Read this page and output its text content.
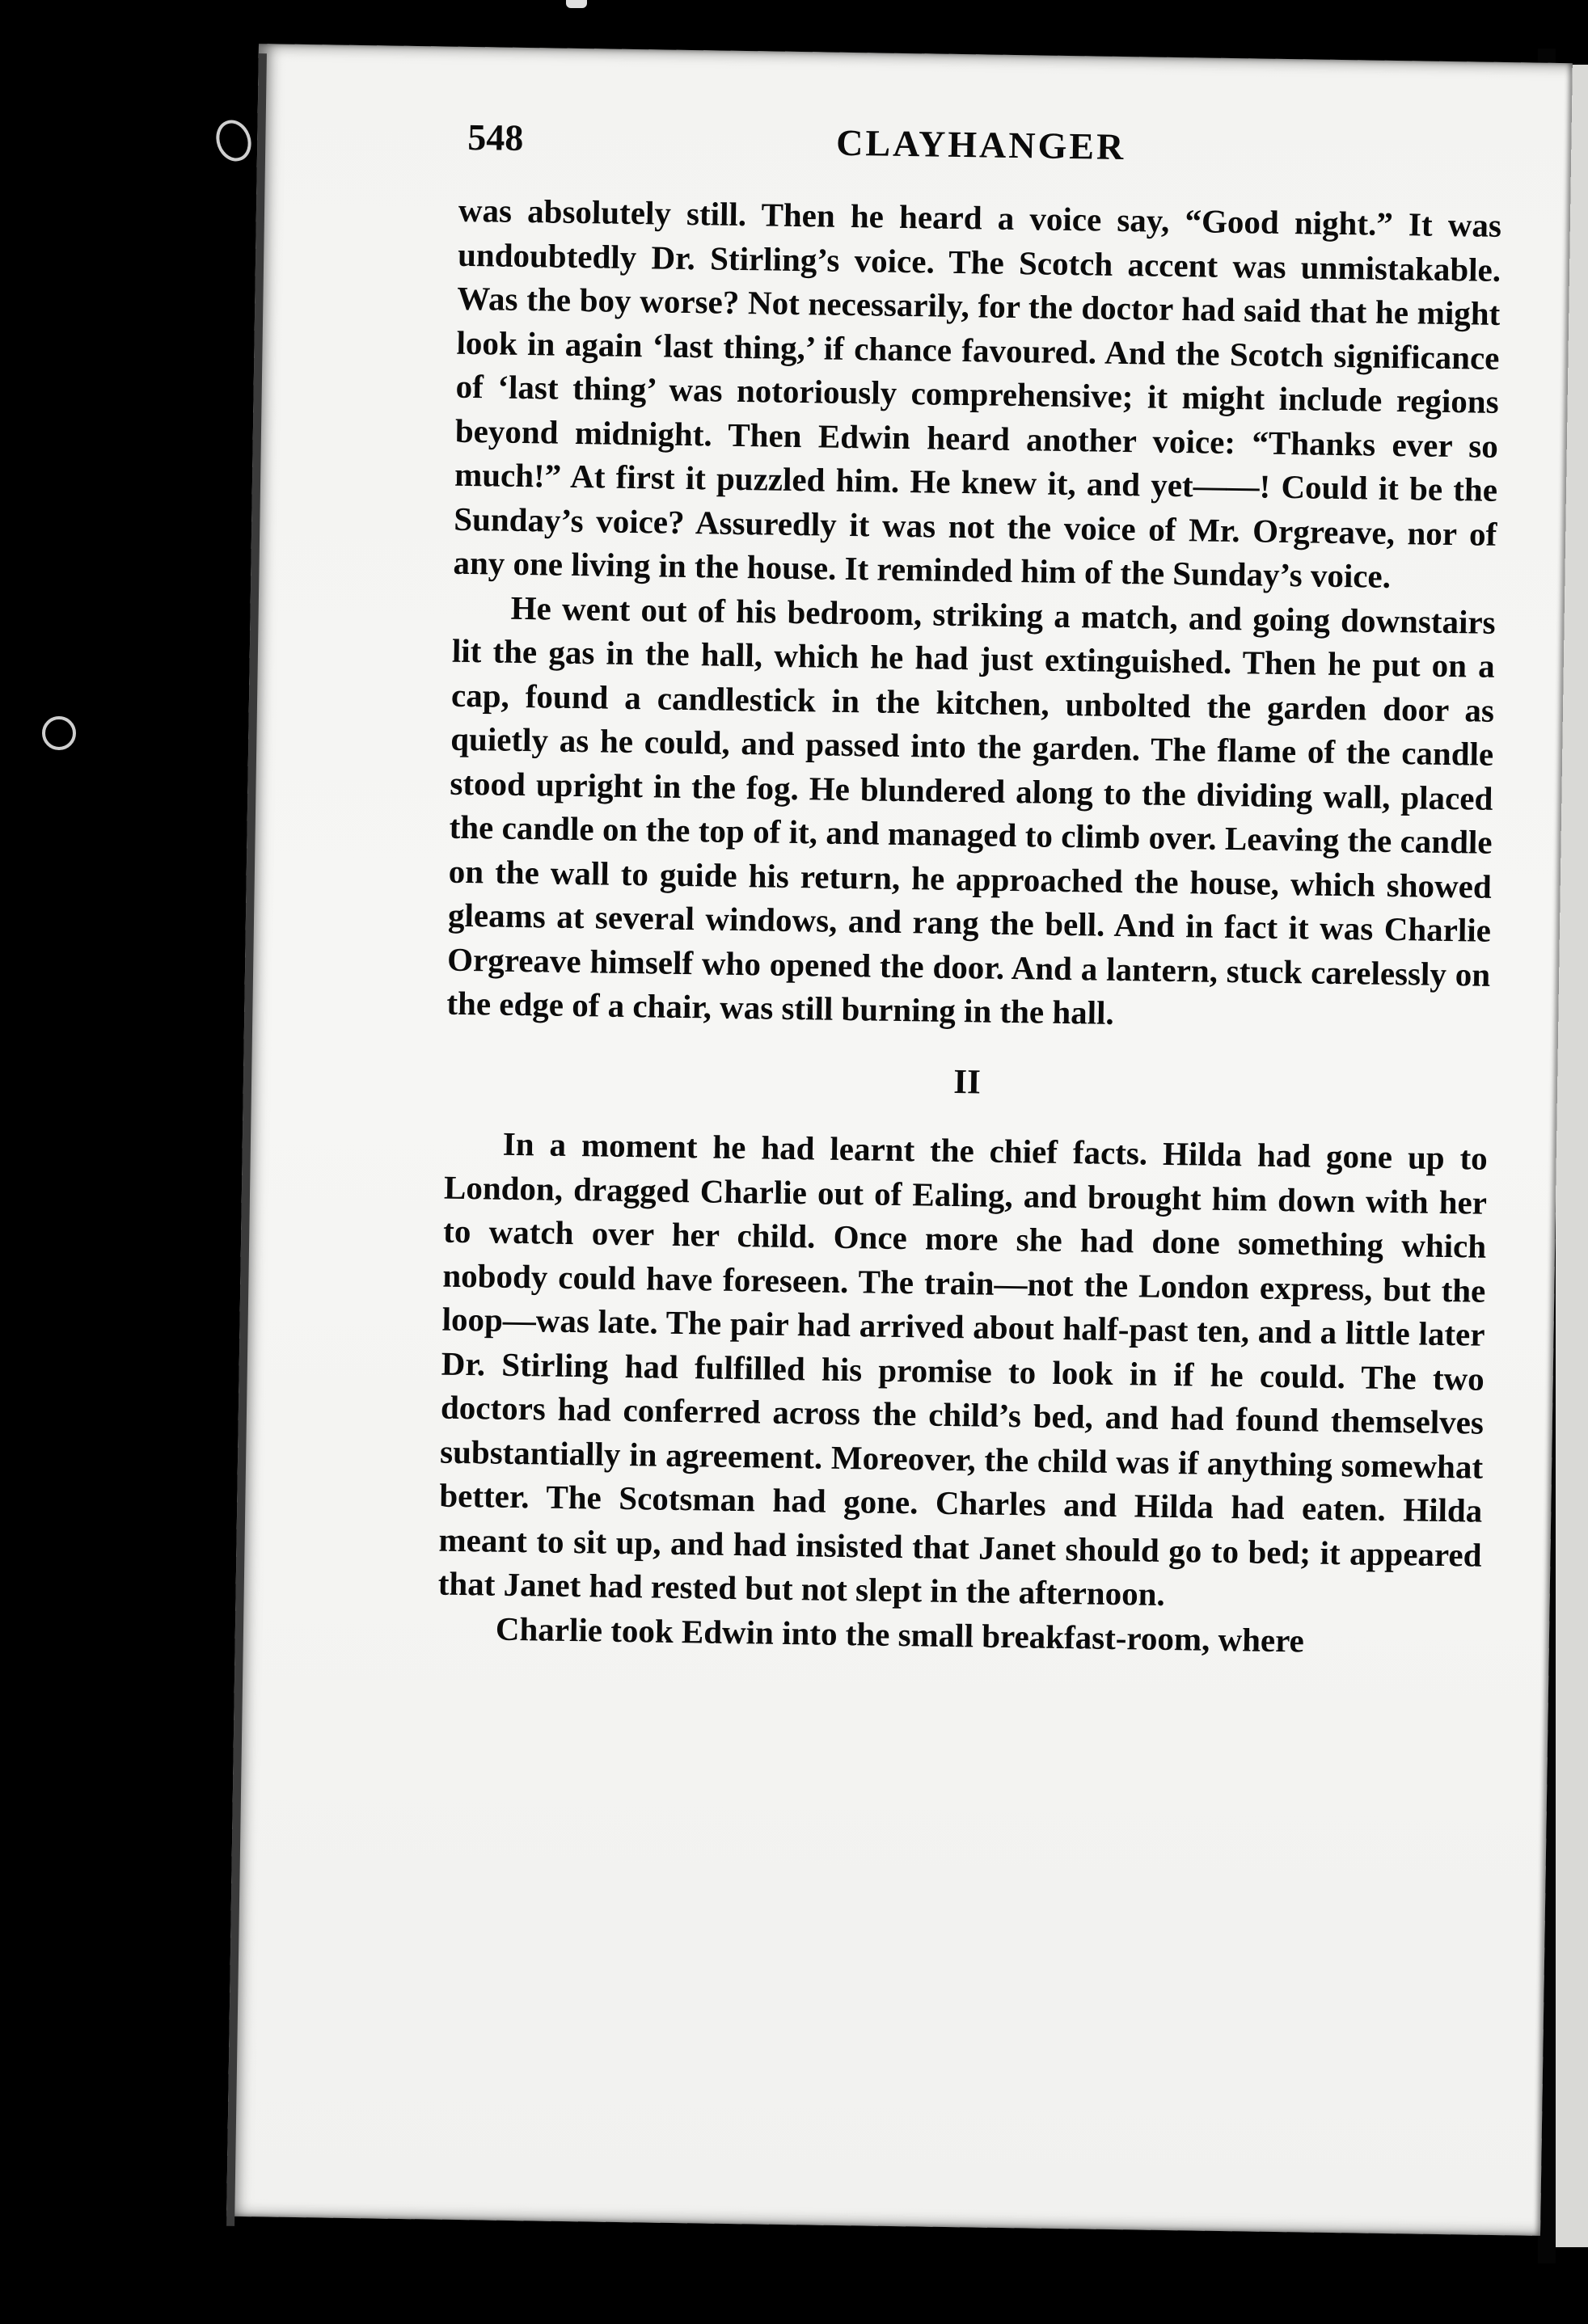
548	CLAYHANGER

was absolutely still. Then he heard a voice say, “Good night.” It was undoubtedly Dr. Stirling’s voice. The Scotch accent was unmistakable. Was the boy worse? Not necessarily, for the doctor had said that he might look in again ‘last thing,’ if chance favoured. And the Scotch significance of ‘last thing’ was notoriously comprehensive; it might include regions beyond midnight. Then Edwin heard another voice: “Thanks ever so much!” At first it puzzled him. He knew it, and yet——! Could it be the Sunday’s voice? Assuredly it was not the voice of Mr. Orgreave, nor of any one living in the house. It reminded him of the Sunday’s voice.

He went out of his bedroom, striking a match, and going downstairs lit the gas in the hall, which he had just extinguished. Then he put on a cap, found a candlestick in the kitchen, unbolted the garden door as quietly as he could, and passed into the garden. The flame of the candle stood upright in the fog. He blundered along to the dividing wall, placed the candle on the top of it, and managed to climb over. Leaving the candle on the wall to guide his return, he approached the house, which showed gleams at several windows, and rang the bell. And in fact it was Charlie Orgreave himself who opened the door. And a lantern, stuck carelessly on the edge of a chair, was still burning in the hall.

II

In a moment he had learnt the chief facts. Hilda had gone up to London, dragged Charlie out of Ealing, and brought him down with her to watch over her child. Once more she had done something which nobody could have foreseen. The train—not the London express, but the loop—was late. The pair had arrived about half-past ten, and a little later Dr. Stirling had fulfilled his promise to look in if he could. The two doctors had conferred across the child’s bed, and had found themselves substantially in agreement. Moreover, the child was if anything somewhat better. The Scotsman had gone. Charles and Hilda had eaten. Hilda meant to sit up, and had insisted that Janet should go to bed; it appeared that Janet had rested but not slept in the afternoon.

Charlie took Edwin into the small breakfast-room, where
